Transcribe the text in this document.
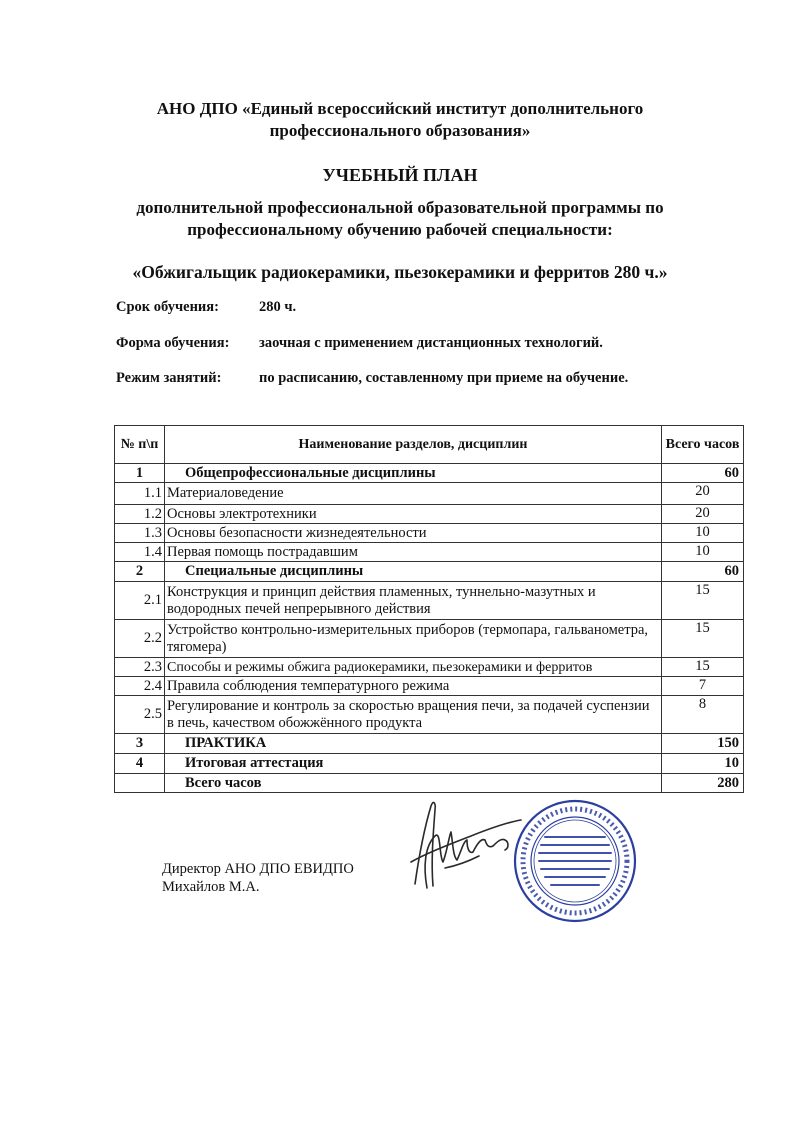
АНО ДПО «Единый всероссийский институт дополнительного
профессионального образования»
УЧЕБНЫЙ ПЛАН
дополнительной профессиональной образовательной программы по
профессиональному обучению рабочей специальности:
«Обжигальщик радиокерамики, пьезокерамики и ферритов 280 ч.»
Срок обучения:	280 ч.
Форма обучения: заочная с применением дистанционных технологий.
Режим занятий:	по расписанию, составленному при приеме на обучение.
№ п\п	Наименование разделов, дисциплин	Всего часов
1	Общепрофессиональные дисциплины	60
1.1	Материаловедение	20
1.2	Основы электротехники	20
1.3	Основы безопасности жизнедеятельности	10
1.4	Первая помощь пострадавшим	10
2	Специальные дисциплины	60
2.1	Конструкция и принцип действия пламенных, туннельно-мазутных и водородных печей непрерывного действия	15
2.2	Устройство контрольно-измерительных приборов (термопара, гальванометра, тягомера)	15
2.3	Способы и режимы обжига радиокерамики, пьезокерамики и ферритов	15
2.4	Правила соблюдения температурного режима	7
2.5	Регулирование и контроль за скоростью вращения печи, за подачей суспензии в печь, качеством обожжённого продукта	8
3	ПРАКТИКА	150
4	Итоговая аттестация	10
	Всего часов	280
Директор АНО ДПО ЕВИДПО
Михайлов М.А.
